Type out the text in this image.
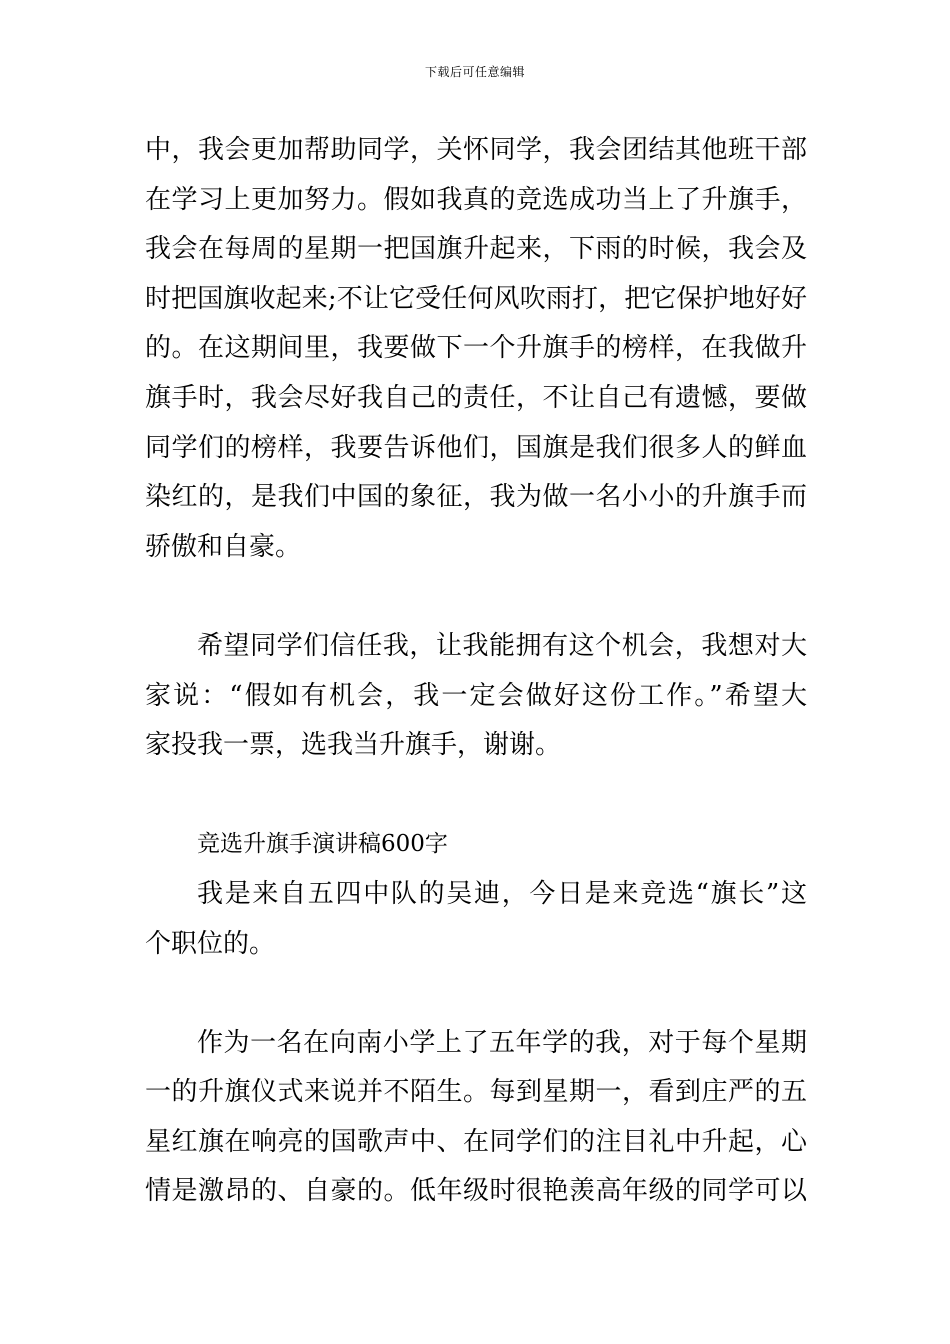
下载后可任意编辑
中，我会更加帮助同学，关怀同学，我会团结其他班干部
在学习上更加努力。假如我真的竞选成功当上了升旗手，
我会在每周的星期一把国旗升起来，下雨的时候，我会及
时把国旗收起来;不让它受任何风吹雨打，把它保护地好好
的。在这期间里，我要做下一个升旗手的榜样，在我做升
旗手时，我会尽好我自己的责任，不让自己有遗憾，要做
同学们的榜样，我要告诉他们，国旗是我们很多人的鲜血
染红的，是我们中国的象征，我为做一名小小的升旗手而
骄傲和自豪。
希望同学们信任我，让我能拥有这个机会，我想对大
家说：“假如有机会，我一定会做好这份工作。”希望大
家投我一票，选我当升旗手，谢谢。
竞选升旗手演讲稿600字
我是来自五四中队的吴迪，今日是来竞选“旗长”这
个职位的。
作为一名在向南小学上了五年学的我，对于每个星期
一的升旗仪式来说并不陌生。每到星期一，看到庄严的五
星红旗在响亮的国歌声中、在同学们的注目礼中升起，心
情是激昂的、自豪的。低年级时很艳羡高年级的同学可以
